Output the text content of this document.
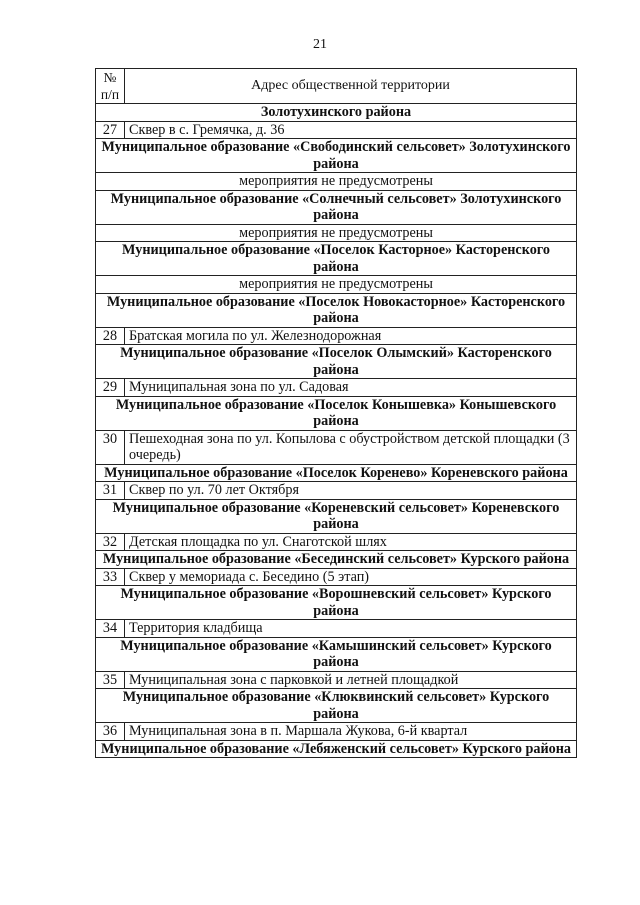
21
№
п/п	Адрес общественной территории
Золотухинского района	
27	Сквер в с. Гремячка, д. 36
Муниципальное образование «Свободинский сельсовет» Золотухинского района	
мероприятия не предусмотрены	
Муниципальное образование «Солнечный сельсовет» Золотухинского района	
мероприятия не предусмотрены	
Муниципальное образование «Поселок Касторное» Касторенского района	
мероприятия не предусмотрены	
Муниципальное образование «Поселок Новокасторное» Касторенского района	
28	Братская могила по ул. Железнодорожная
Муниципальное образование «Поселок Олымский» Касторенского района	
29	Муниципальная зона по ул. Садовая
Муниципальное образование «Поселок Конышевка» Конышевского района	
30	Пешеходная зона по ул. Копылова с обустройством детской площадки (3 очередь)
Муниципальное образование «Поселок Коренево» Кореневского района	
31	Сквер по ул. 70 лет Октября
Муниципальное образование «Кореневский сельсовет» Кореневского района	
32	Детская площадка по ул. Снаготской шлях
Муниципальное образование «Бесединский сельсовет» Курского района	
33	Сквер у мемориада с. Беседино (5 этап)
Муниципальное образование «Ворошневский сельсовет» Курского района	
34	Территория кладбища
Муниципальное образование «Камышинский сельсовет» Курского района	
35	Муниципальная зона с парковкой и летней площадкой
Муниципальное образование «Клюквинский сельсовет» Курского района	
36	Муниципальная зона в п. Маршала Жукова, 6-й квартал
Муниципальное образование «Лебяженский сельсовет» Курского района	
